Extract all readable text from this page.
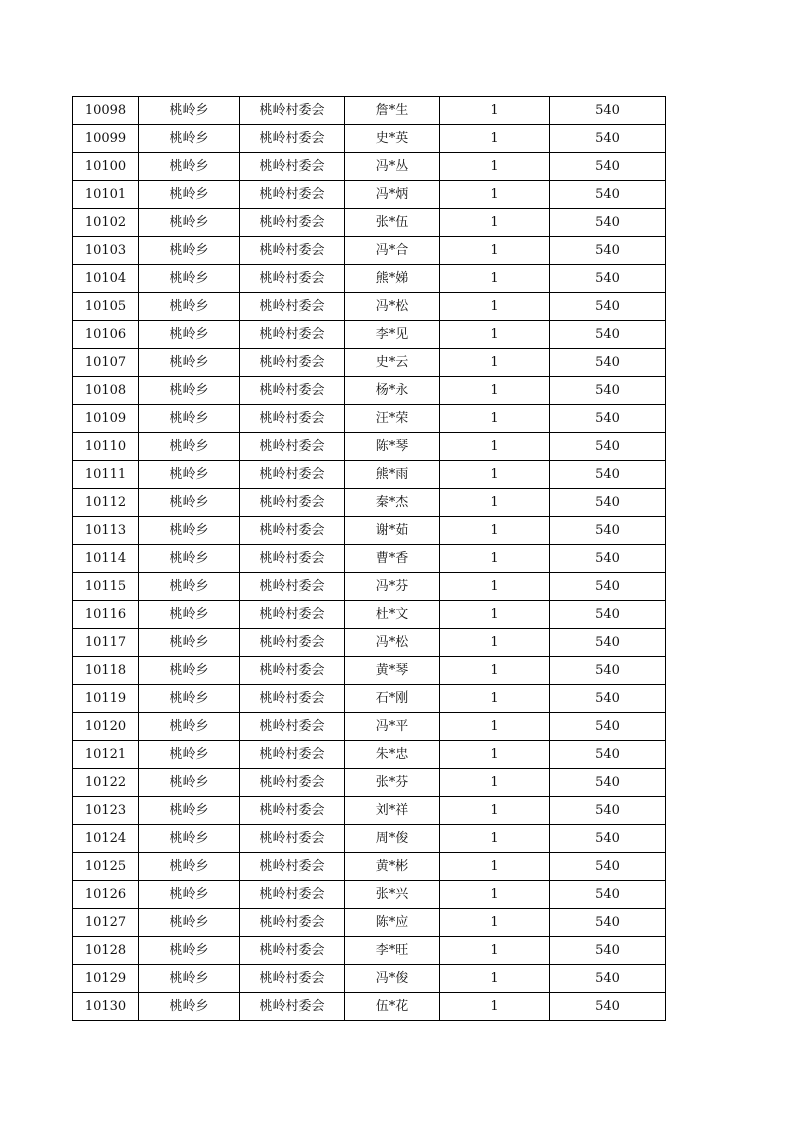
10098	桃岭乡	桃岭村委会	詹*生	1	540
10099	桃岭乡	桃岭村委会	史*英	1	540
10100	桃岭乡	桃岭村委会	冯*丛	1	540
10101	桃岭乡	桃岭村委会	冯*炳	1	540
10102	桃岭乡	桃岭村委会	张*伍	1	540
10103	桃岭乡	桃岭村委会	冯*合	1	540
10104	桃岭乡	桃岭村委会	熊*娣	1	540
10105	桃岭乡	桃岭村委会	冯*松	1	540
10106	桃岭乡	桃岭村委会	李*见	1	540
10107	桃岭乡	桃岭村委会	史*云	1	540
10108	桃岭乡	桃岭村委会	杨*永	1	540
10109	桃岭乡	桃岭村委会	汪*荣	1	540
10110	桃岭乡	桃岭村委会	陈*琴	1	540
10111	桃岭乡	桃岭村委会	熊*雨	1	540
10112	桃岭乡	桃岭村委会	秦*杰	1	540
10113	桃岭乡	桃岭村委会	谢*茹	1	540
10114	桃岭乡	桃岭村委会	曹*香	1	540
10115	桃岭乡	桃岭村委会	冯*芬	1	540
10116	桃岭乡	桃岭村委会	杜*文	1	540
10117	桃岭乡	桃岭村委会	冯*松	1	540
10118	桃岭乡	桃岭村委会	黄*琴	1	540
10119	桃岭乡	桃岭村委会	石*刚	1	540
10120	桃岭乡	桃岭村委会	冯*平	1	540
10121	桃岭乡	桃岭村委会	朱*忠	1	540
10122	桃岭乡	桃岭村委会	张*芬	1	540
10123	桃岭乡	桃岭村委会	刘*祥	1	540
10124	桃岭乡	桃岭村委会	周*俊	1	540
10125	桃岭乡	桃岭村委会	黄*彬	1	540
10126	桃岭乡	桃岭村委会	张*兴	1	540
10127	桃岭乡	桃岭村委会	陈*应	1	540
10128	桃岭乡	桃岭村委会	李*旺	1	540
10129	桃岭乡	桃岭村委会	冯*俊	1	540
10130	桃岭乡	桃岭村委会	伍*花	1	540
